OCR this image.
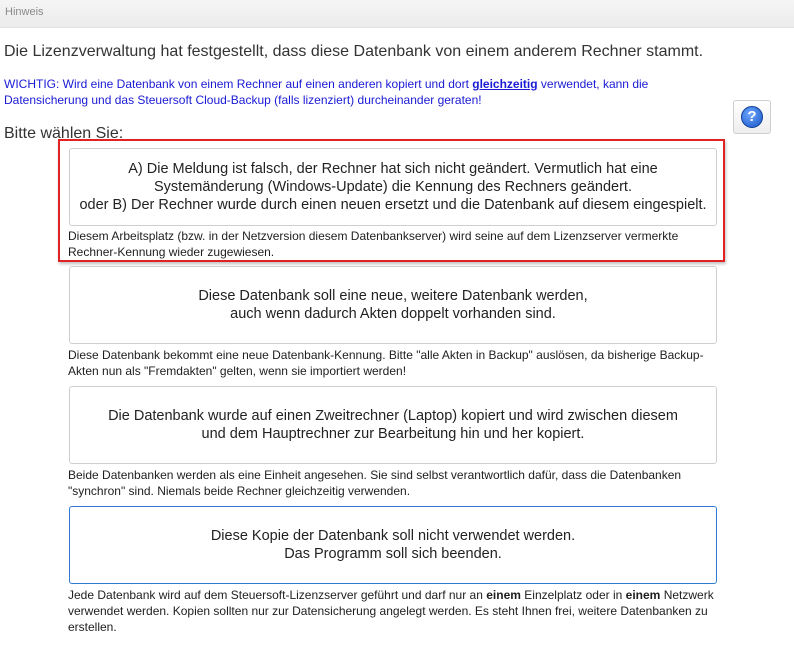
Hinweis
Die Lizenzverwaltung hat festgestellt, dass diese Datenbank von einem anderem Rechner stammt.
WICHTIG: Wird eine Datenbank von einem Rechner auf einen anderen kopiert und dort gleichzeitig verwendet, kann die Datensicherung und das Steuersoft Cloud-Backup (falls lizenziert) durcheinander geraten!
?
Bitte wählen Sie:
A) Die Meldung ist falsch, der Rechner hat sich nicht geändert. Vermutlich hat eine
Systemänderung (Windows-Update) die Kennung des Rechners geändert.
oder B) Der Rechner wurde durch einen neuen ersetzt und die Datenbank auf diesem eingespielt.
Diesem Arbeitsplatz (bzw. in der Netzversion diesem Datenbankserver) wird seine auf dem Lizenzserver vermerkte Rechner-Kennung wieder zugewiesen.
Diese Datenbank soll eine neue, weitere Datenbank werden,
auch wenn dadurch Akten doppelt vorhanden sind.
Diese Datenbank bekommt eine neue Datenbank-Kennung. Bitte "alle Akten in Backup" auslösen, da bisherige Backup-Akten nun als "Fremdakten" gelten, wenn sie importiert werden!
Die Datenbank wurde auf einen Zweitrechner (Laptop) kopiert und wird zwischen diesem
und dem Hauptrechner zur Bearbeitung hin und her kopiert.
Beide Datenbanken werden als eine Einheit angesehen. Sie sind selbst verantwortlich dafür, dass die Datenbanken "synchron" sind. Niemals beide Rechner gleichzeitig verwenden.
Diese Kopie der Datenbank soll nicht verwendet werden.
Das Programm soll sich beenden.
Jede Datenbank wird auf dem Steuersoft-Lizenzserver geführt und darf nur an einem Einzelplatz oder in einem Netzwerk verwendet werden. Kopien sollten nur zur Datensicherung angelegt werden. Es steht Ihnen frei, weitere Datenbanken zu erstellen.
